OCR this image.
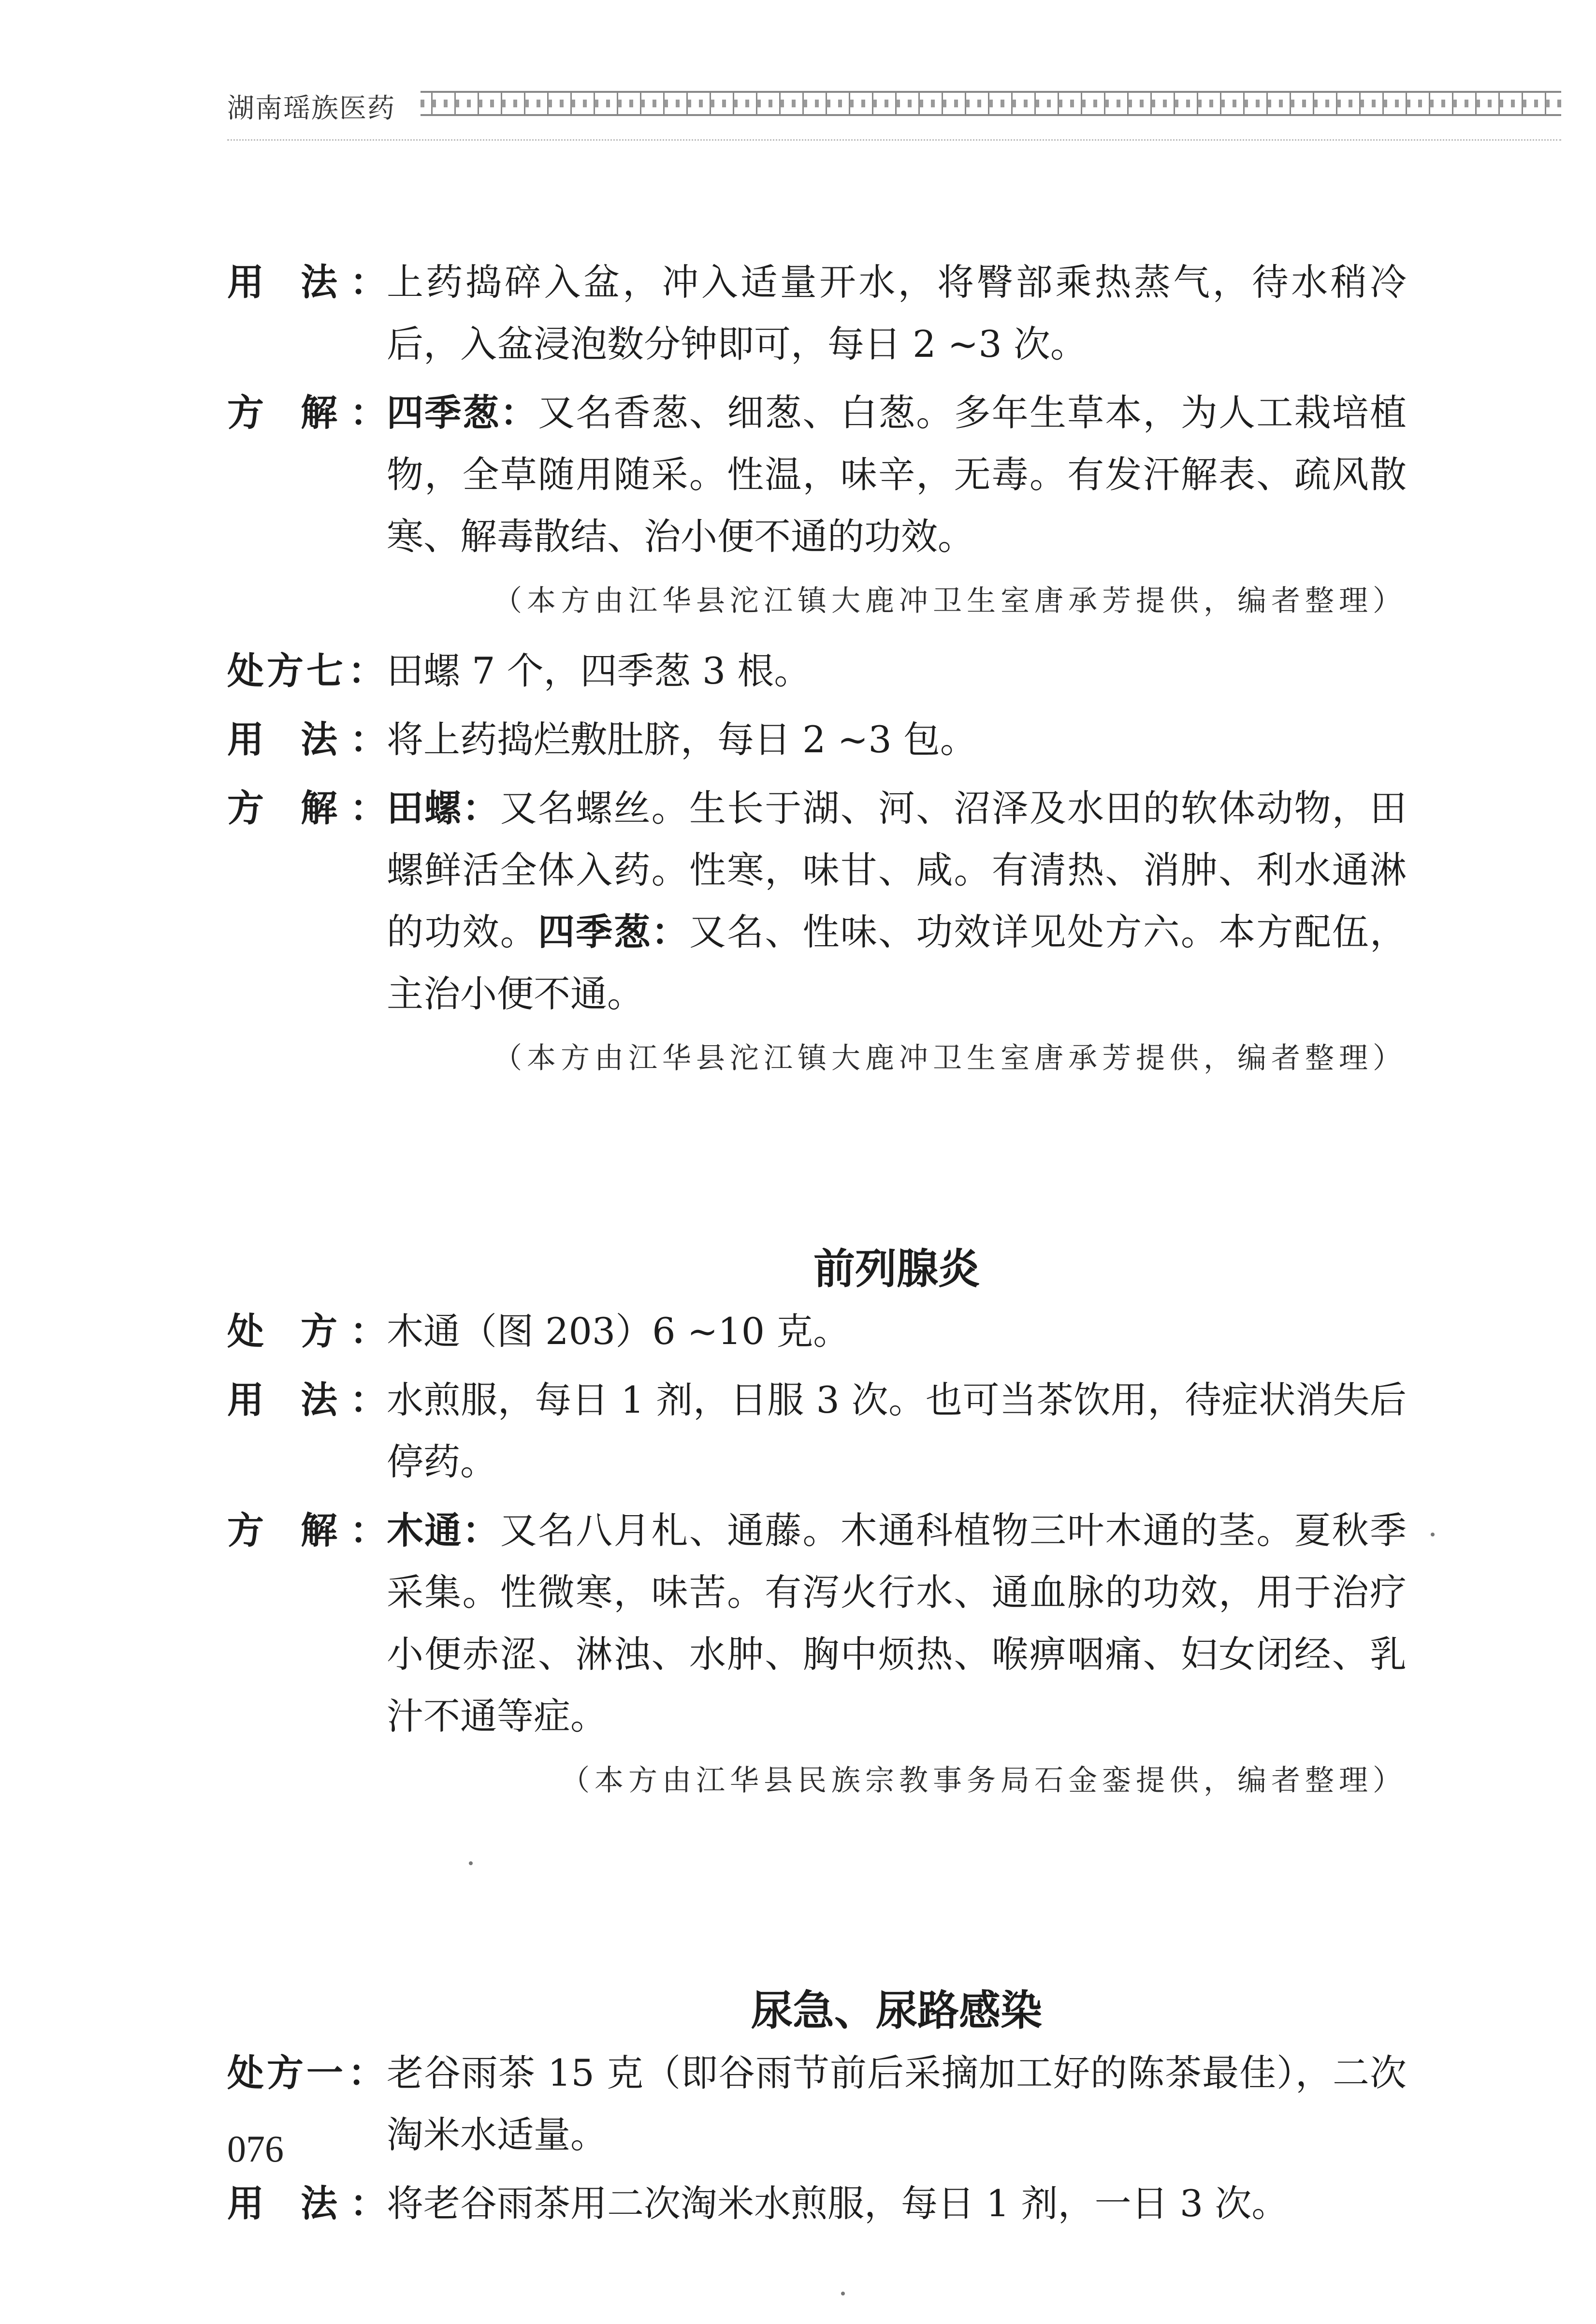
湖南瑶族医药
用　法 ： 上药捣碎入盆，冲入适量开水，将臀部乘热蒸气，待水稍冷后，入盆浸泡数分钟即可，每日 2 ~3 次。
方　解 ： 四季葱：又名香葱、细葱、白葱。多年生草本，为人工栽培植物，全草随用随采。性温，味辛，无毒。有发汗解表、疏风散寒、解毒散结、治小便不通的功效。
（本方由江华县沱江镇大鹿冲卫生室唐承芳提供，编者整理）
处方七 ：
田螺 7 个，四季葱 3 根。
用　法 ： 将上药捣烂敷肚脐，每日 2 ~3 包。
方　解 ： 田螺：又名螺丝。生长于湖、河、沼泽及水田的软体动物，田螺鲜活全体入药。性寒，味甘、咸。有清热、消肿、利水通淋的功效。四季葱：又名、性味、功效详见处方六。本方配伍，主治小便不通。
（本方由江华县沱江镇大鹿冲卫生室唐承芳提供，编者整理）
前列腺炎
处　方 ： 木通（图 203）6 ~10 克。
用　法 ： 水煎服，每日 1 剂，日服 3 次。也可当茶饮用，待症状消失后停药。
方　解 ： 木通：又名八月札、通藤。木通科植物三叶木通的茎。夏秋季采集。性微寒，味苦。有泻火行水、通血脉的功效，用于治疗小便赤涩、淋浊、水肿、胸中烦热、喉痹咽痛、妇女闭经、乳汁不通等症。
（本方由江华县民族宗教事务局石金銮提供，编者整理）
尿急、尿路感染
处方一 ：
老谷雨茶 15 克（即谷雨节前后采摘加工好的陈茶最佳），二次淘米水适量。
用　法 ： 将老谷雨茶用二次淘米水煎服，每日 1 剂，一日 3 次。
076
